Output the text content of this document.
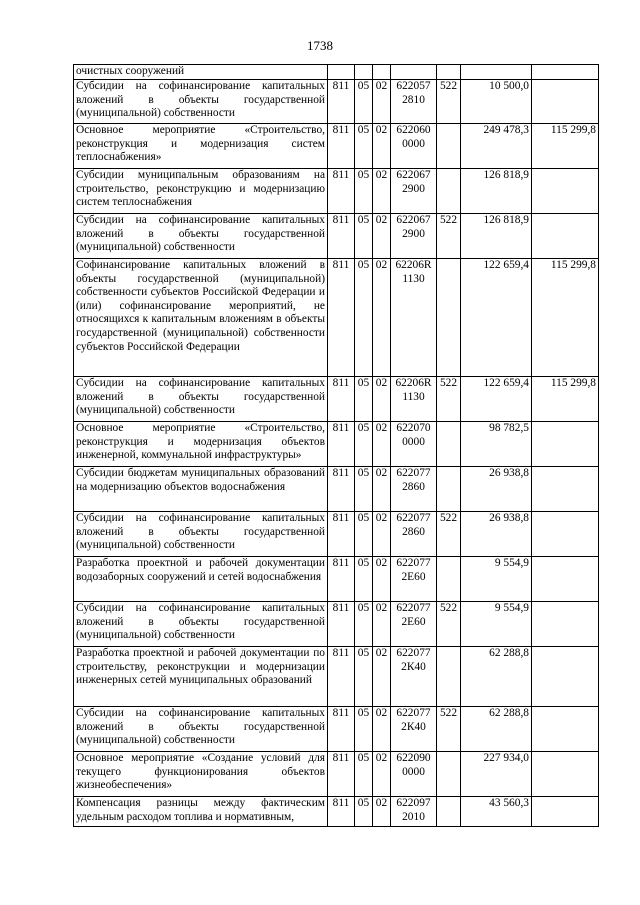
1738
очистных сооружений							
Субсидии на софинансирование капитальных вложений в объекты государственной (муниципальной) собственности	811	05	02	622057 2810	522	10 500,0	
Основное мероприятие «Строительство, реконструкция и модернизация систем теплоснабжения»	811	05	02	622060 0000		249 478,3	115 299,8
Субсидии муниципальным образованиям на строительство, реконструкцию и модернизацию систем теплоснабжения	811	05	02	622067 2900		126 818,9	
Субсидии на софинансирование капитальных вложений в объекты государственной (муниципальной) собственности	811	05	02	622067 2900	522	126 818,9	
Софинансирование капитальных вложений в объекты государственной (муниципальной) собственности субъектов Российской Федерации и (или) софинансирование мероприятий, не относящихся к капитальным вложениям в объекты государственной (муниципальной) собственности субъектов Российской Федерации	811	05	02	62206R 1130		122 659,4	115 299,8
Субсидии на софинансирование капитальных вложений в объекты государственной (муниципальной) собственности	811	05	02	62206R 1130	522	122 659,4	115 299,8
Основное мероприятие «Строительство, реконструкция и модернизация объектов инженерной, коммунальной инфраструктуры»	811	05	02	622070 0000		98 782,5	
Субсидии бюджетам муниципальных образований на модернизацию объектов водоснабжения	811	05	02	622077 2860		26 938,8	
Субсидии на софинансирование капитальных вложений в объекты государственной (муниципальной) собственности	811	05	02	622077 2860	522	26 938,8	
Разработка проектной и рабочей документации водозаборных сооружений и сетей водоснабжения	811	05	02	622077 2Е60		9 554,9	
Субсидии на софинансирование капитальных вложений в объекты государственной (муниципальной) собственности	811	05	02	622077 2Е60	522	9 554,9	
Разработка проектной и рабочей документации по строительству, реконструкции и модернизации инженерных сетей муниципальных образований	811	05	02	622077 2К40		62 288,8	
Субсидии на софинансирование капитальных вложений в объекты государственной (муниципальной) собственности	811	05	02	622077 2К40	522	62 288,8	
Основное мероприятие «Создание условий для текущего функционирования объектов жизнеобеспечения»	811	05	02	622090 0000		227 934,0	
Компенсация разницы между фактическим удельным расходом топлива и нормативным,	811	05	02	622097 2010		43 560,3	
